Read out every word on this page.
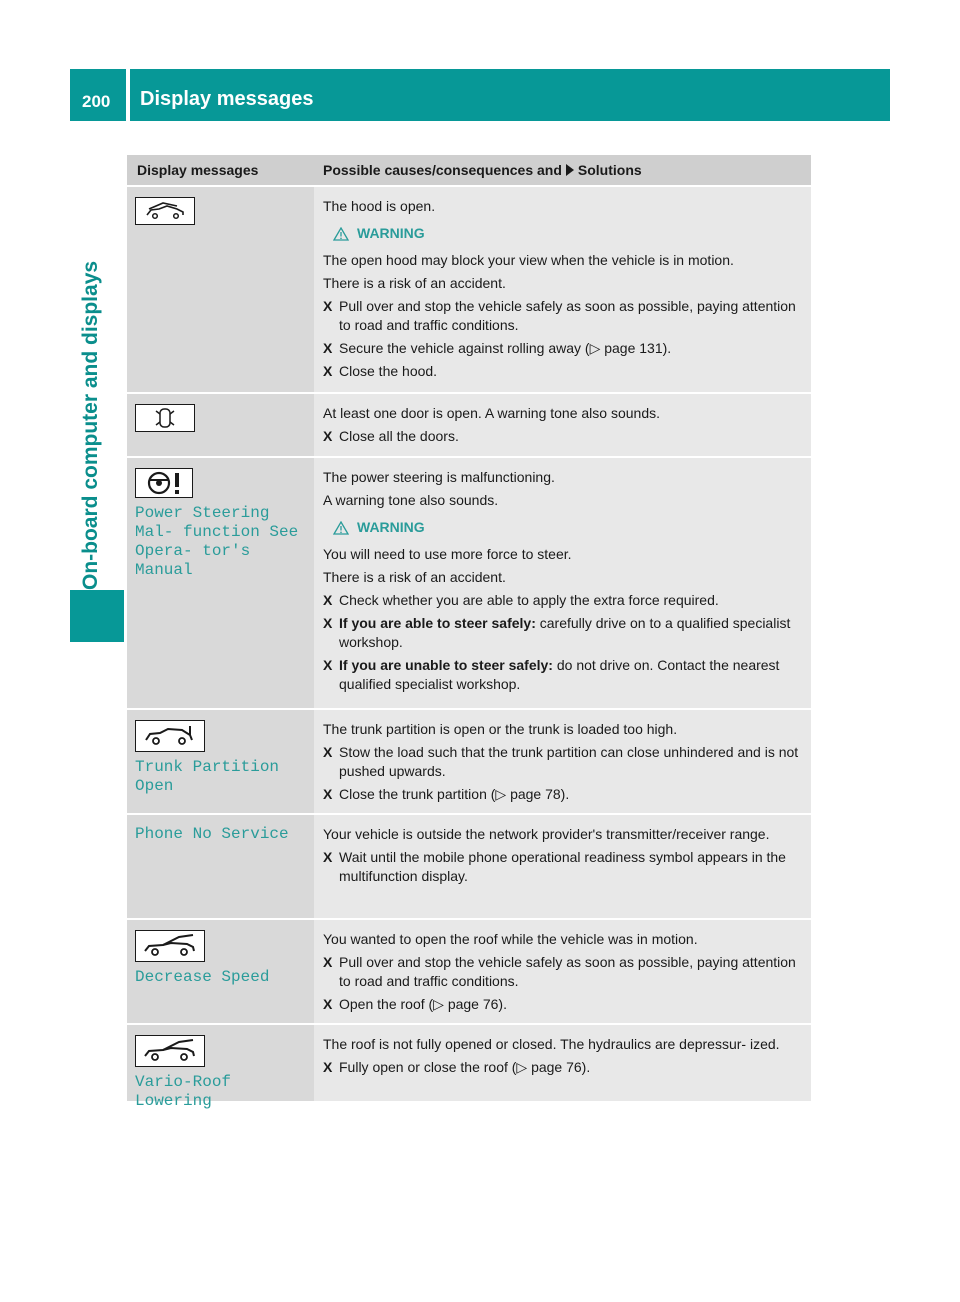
200 Display messages
On-board computer and displays
Display messages	Possible causes/consequences and Solutions

The hood is open.

WARNING

The open hood may block your view when the vehicle is in motion.

There is a risk of an accident.

X Pull over and stop the vehicle safely as soon as possible, paying attention to road and traffic conditions.
X Secure the vehicle against rolling away (▷ page 131).
X Close the hood.

At least one door is open. A warning tone also sounds.

X Close all the doors.
Power Steering Mal‐ function See Opera‐ tor's Manual

The power steering is malfunctioning.

A warning tone also sounds.

WARNING

You will need to use more force to steer.

There is a risk of an accident.

X Check whether you are able to apply the extra force required.
X If you are able to steer safely: carefully drive on to a qualified specialist workshop.
X If you are unable to steer safely: do not drive on. Contact the nearest qualified specialist workshop.
Trunk Partition Open

The trunk partition is open or the trunk is loaded too high.

X Stow the load such that the trunk partition can close unhindered and is not pushed upwards.
X Close the trunk partition (▷ page 78).
Phone No Service	Your vehicle is outside the network provider's transmitter/receiver range.

X Wait until the mobile phone operational readiness symbol appears in the multifunction display.
Decrease Speed

You wanted to open the roof while the vehicle was in motion.

X Pull over and stop the vehicle safely as soon as possible, paying attention to road and traffic conditions.
X Open the roof (▷ page 76).
Vario-Roof Lowering

The roof is not fully opened or closed. The hydraulics are depressur‐ ized.

X Fully open or close the roof (▷ page 76).
